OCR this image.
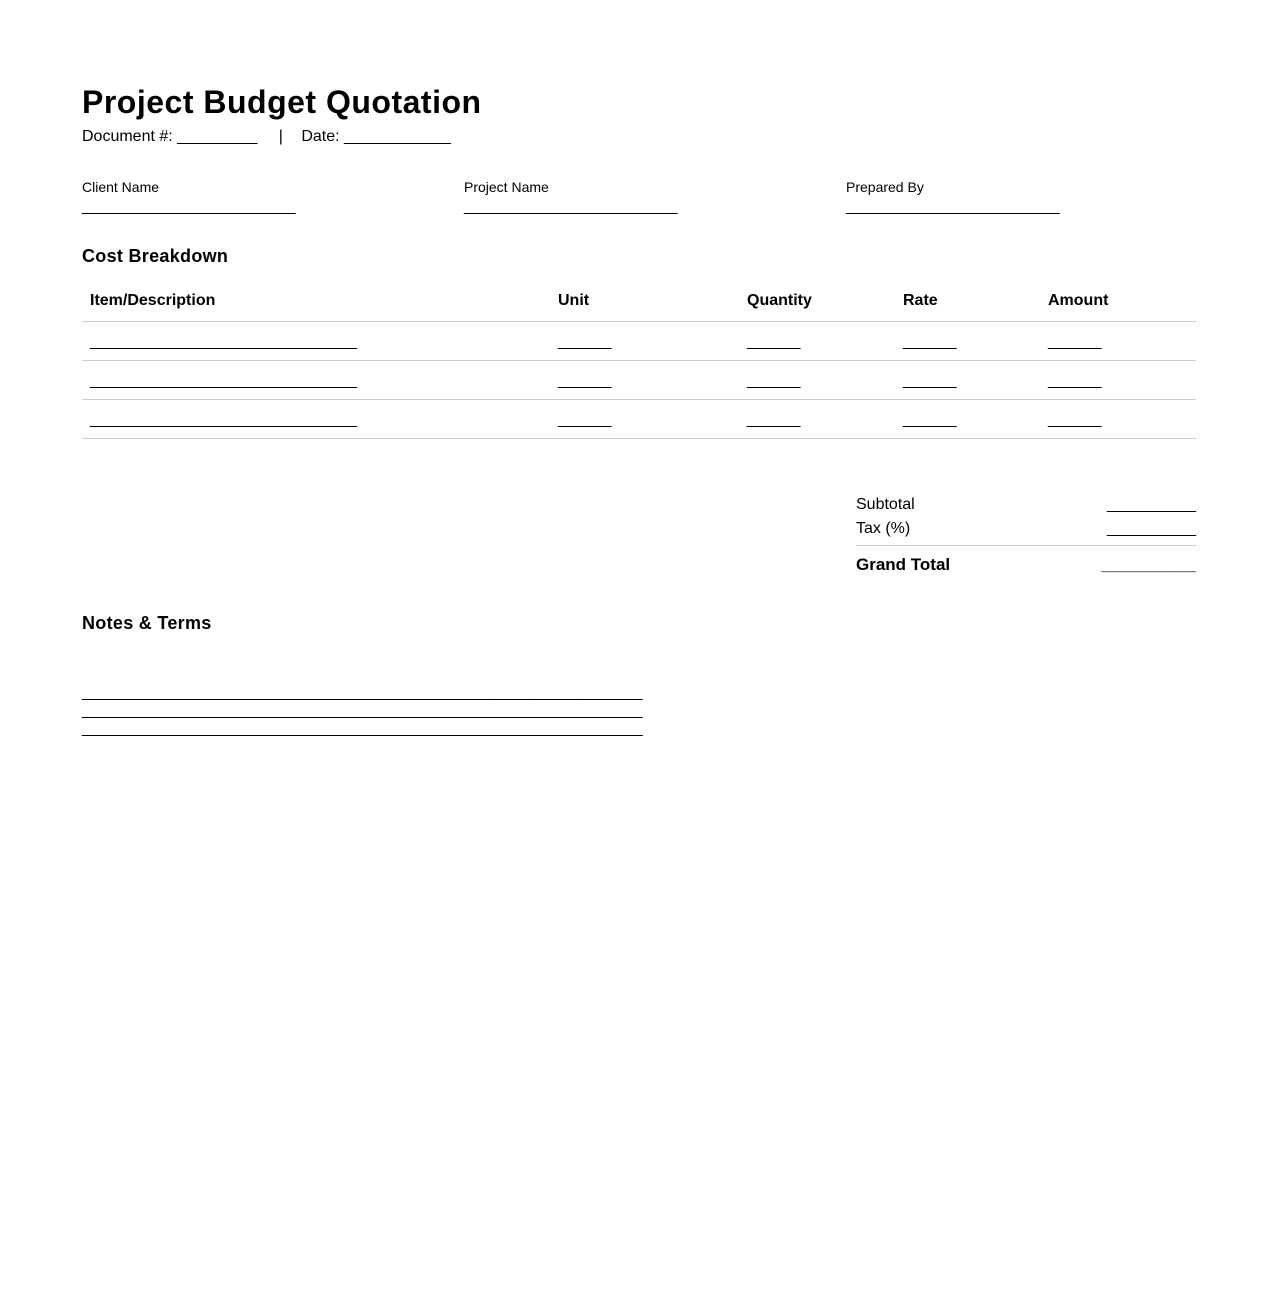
Project Budget Quotation
Document #: _________ | Date: ____________
Client Name
________________________
Project Name
________________________
Prepared By
________________________
Cost Breakdown
Item/Description	Unit	Quantity	Rate	Amount
______________________________	______	______	______	______
______________________________	______	______	______	______
______________________________	______	______	______	______
Subtotal	__________
Tax (%)	__________
Grand Total	__________
Notes & Terms
_______________________________________________________________
_______________________________________________________________
_______________________________________________________________
